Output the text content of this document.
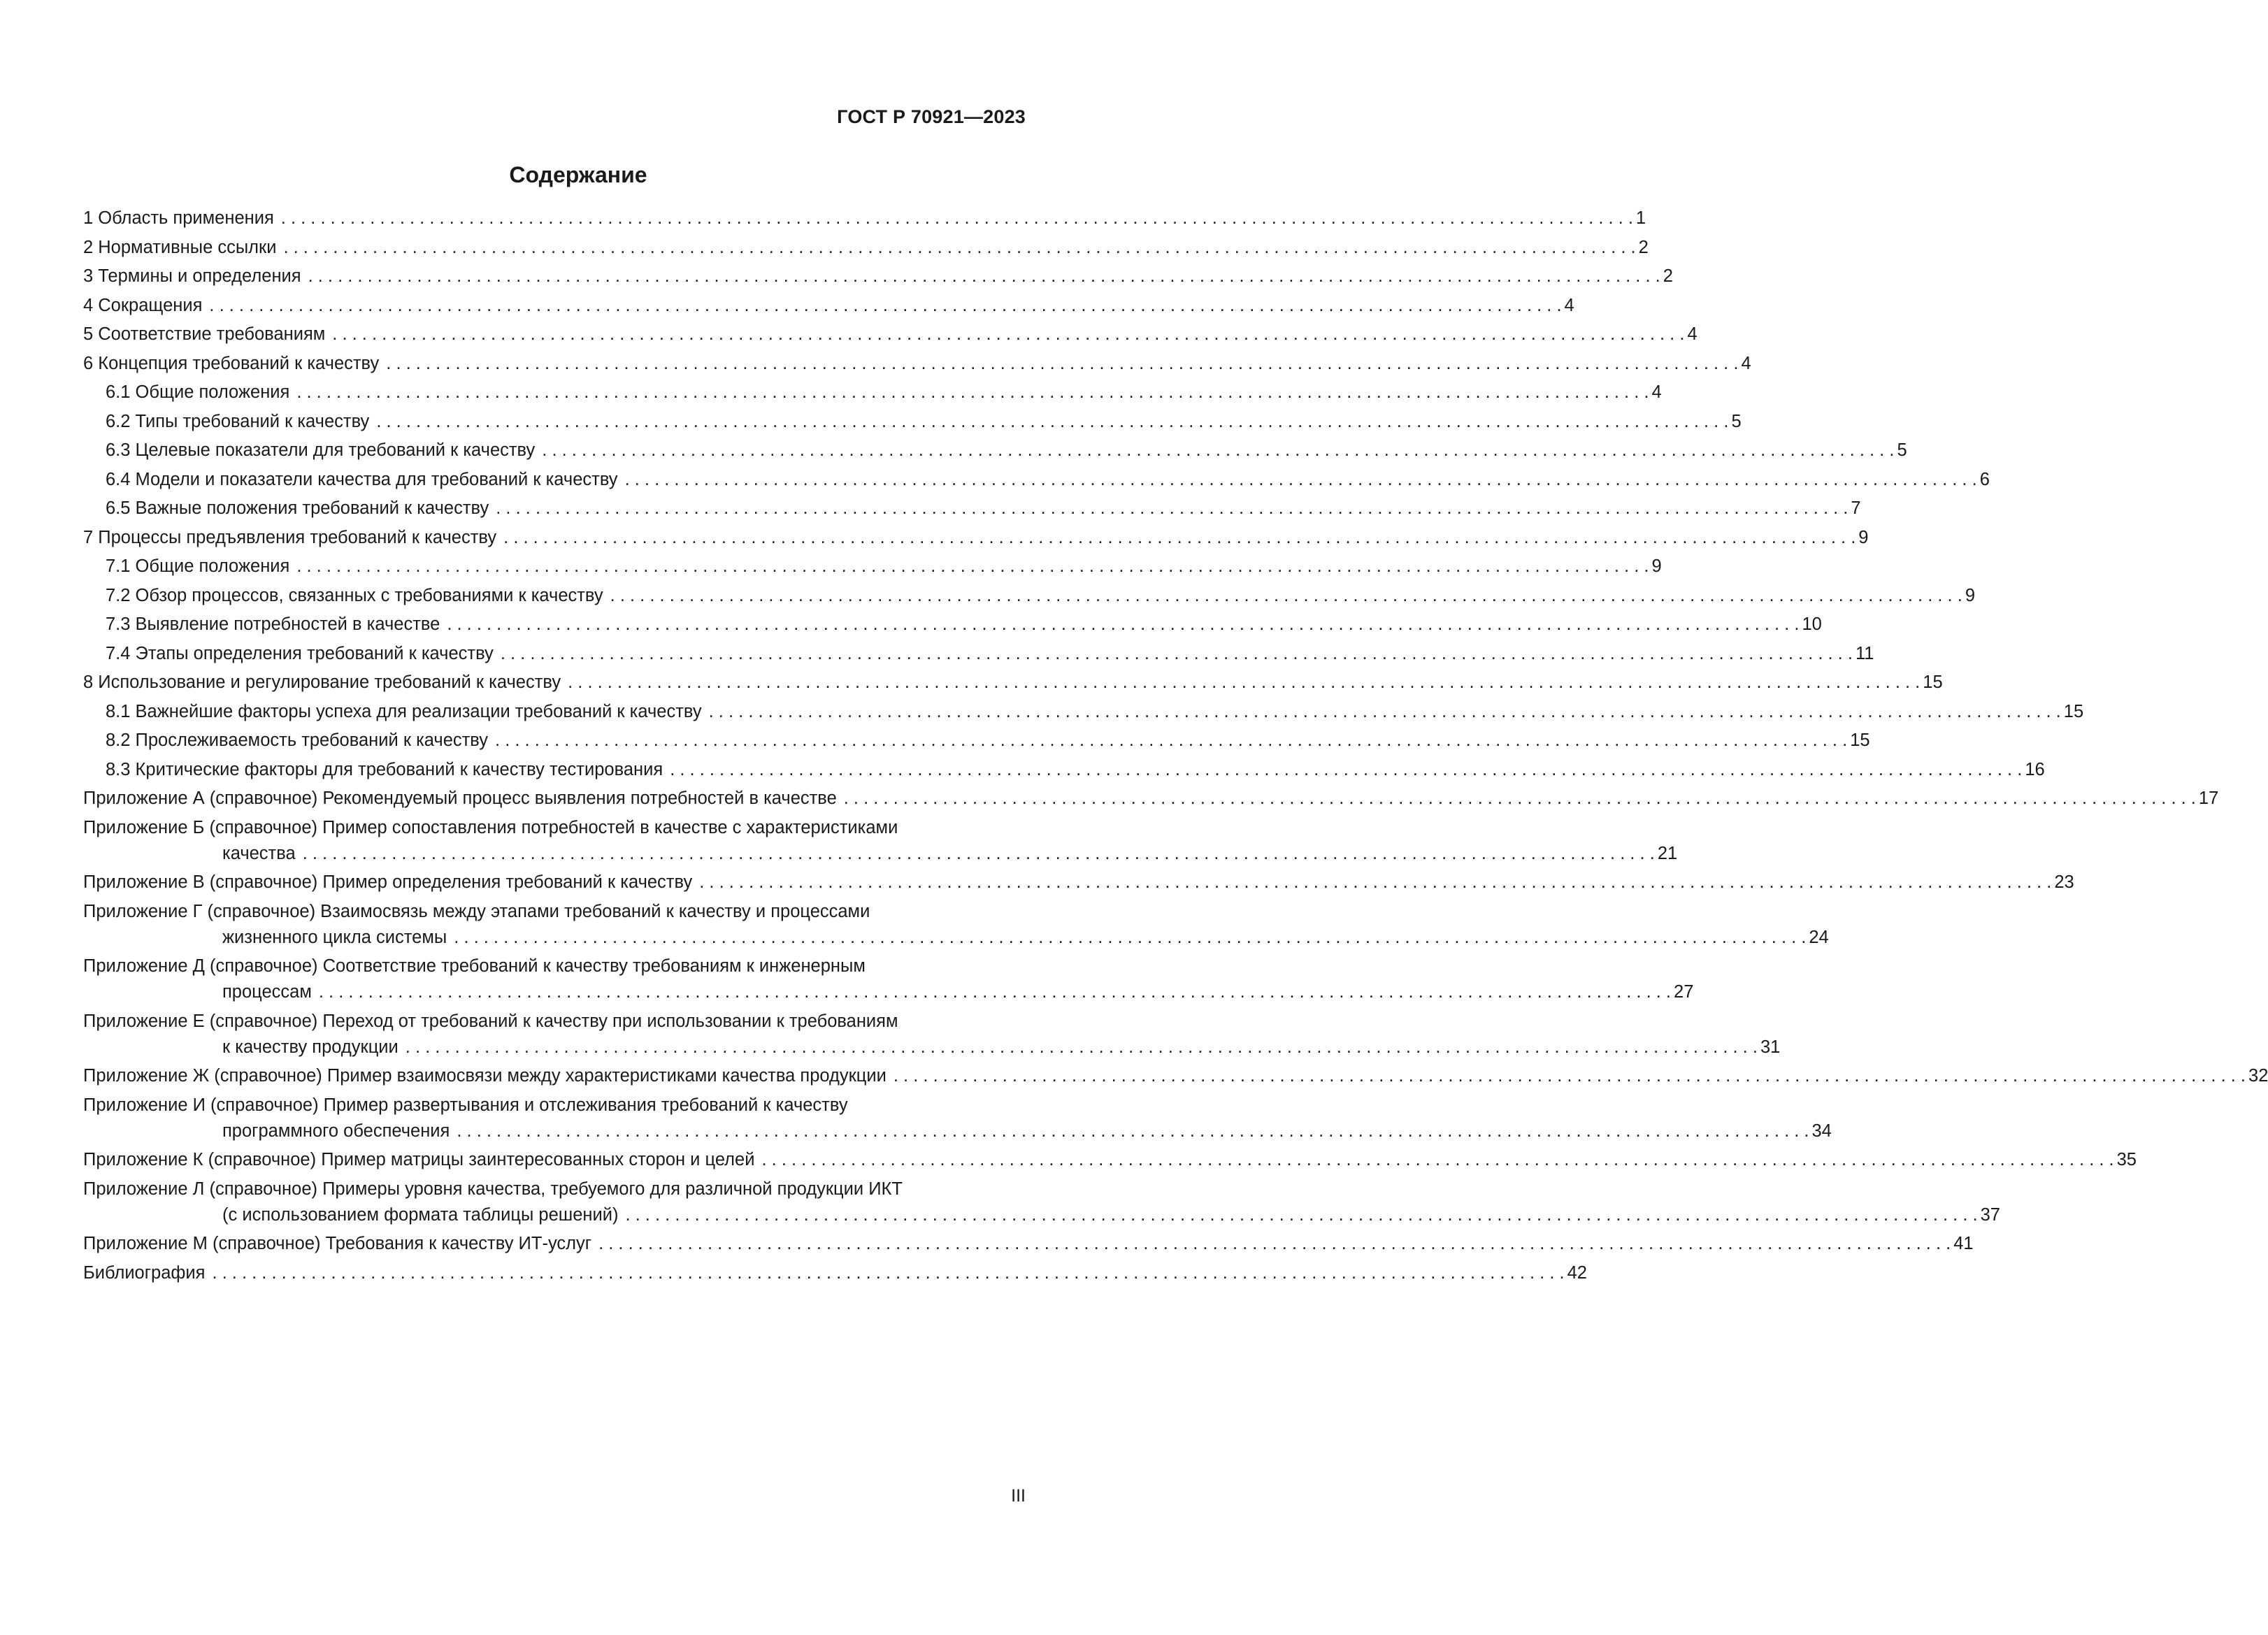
ГОСТ Р 70921—2023
Содержание
1 Область применения . . .	1
2 Нормативные ссылки . . .	2
3 Термины и определения . . .	2
4 Сокращения . . .	4
5 Соответствие требованиям . . .	4
6 Концепция требований к качеству . . .	4
6.1 Общие положения . . .	4
6.2 Типы требований к качеству . . .	5
6.3 Целевые показатели для требований к качеству . . .	5
6.4 Модели и показатели качества для требований к качеству . . .	6
6.5 Важные положения требований к качеству . . .	7
7 Процессы предъявления требований к качеству . . .	9
7.1 Общие положения . . .	9
7.2 Обзор процессов, связанных с требованиями к качеству . . .	9
7.3 Выявление потребностей в качестве . . .	10
7.4 Этапы определения требований к качеству . . .	11
8 Использование и регулирование требований к качеству . . .	15
8.1 Важнейшие факторы успеха для реализации требований к качеству . . .	15
8.2 Прослеживаемость требований к качеству . . .	15
8.3 Критические факторы для требований к качеству тестирования . . .	16
Приложение А (справочное) Рекомендуемый процесс выявления потребностей в качестве . . .	17
Приложение Б (справочное) Пример сопоставления потребностей в качестве с характеристиками
качества . . .	21
Приложение В (справочное) Пример определения требований к качеству . . .	23
Приложение Г (справочное) Взаимосвязь между этапами требований к качеству и процессами
жизненного цикла системы . . .	24
Приложение Д (справочное) Соответствие требований к качеству требованиям к инженерным
процессам . . .	27
Приложение Е (справочное) Переход от требований к качеству при использовании к требованиям
к качеству продукции . . .	31
Приложение Ж (справочное) Пример взаимосвязи между характеристиками качества продукции . . .	32
Приложение И (справочное) Пример развертывания и отслеживания требований к качеству
программного обеспечения . . .	34
Приложение К (справочное) Пример матрицы заинтересованных сторон и целей . . .	35
Приложение Л (справочное) Примеры уровня качества, требуемого для различной продукции ИКТ
(с использованием формата таблицы решений) . . .	37
Приложение М (справочное) Требования к качеству ИТ-услуг . . .	41
Библиография . . .	42
III
